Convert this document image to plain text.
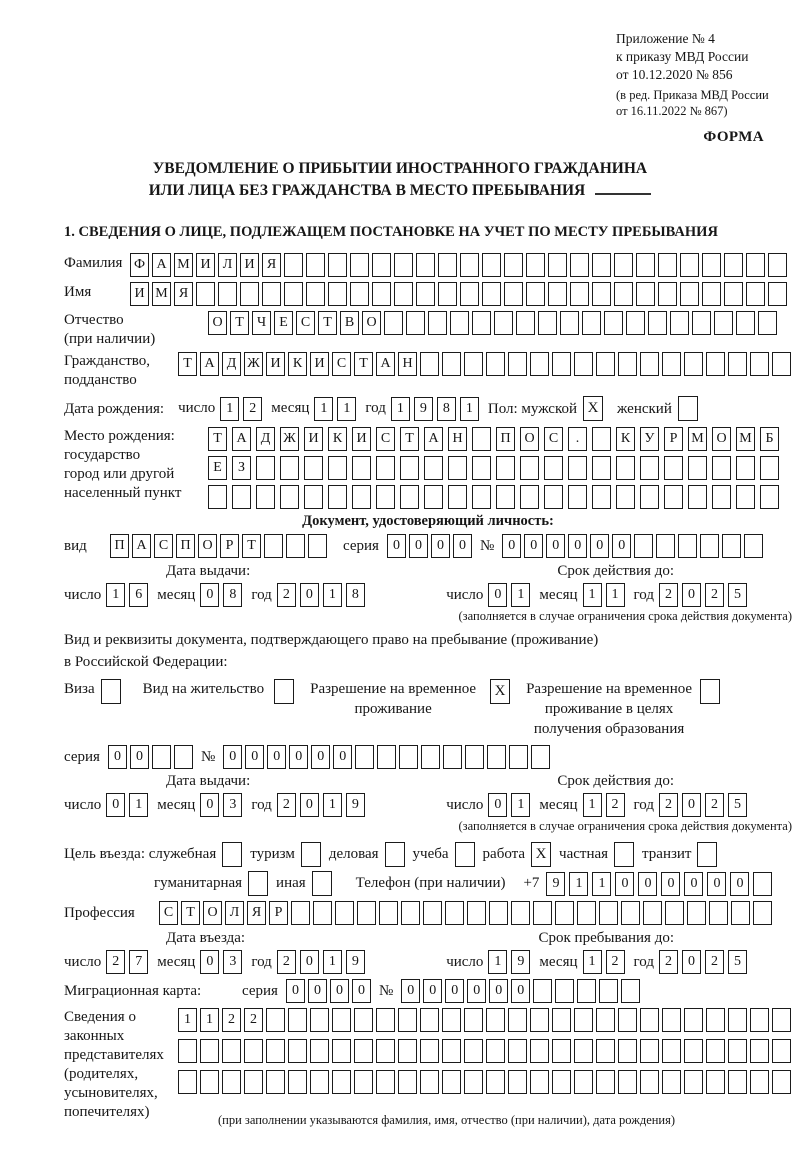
Приложение № 4
к приказу МВД России
от 10.12.2020 № 856
(в ред. Приказа МВД России
от 16.11.2022 № 867)
ФОРМА
УВЕДОМЛЕНИЕ О ПРИБЫТИИ ИНОСТРАННОГО ГРАЖДАНИНА
ИЛИ ЛИЦА БЕЗ ГРАЖДАНСТВА В МЕСТО ПРЕБЫВАНИЯ
1. СВЕДЕНИЯ О ЛИЦЕ, ПОДЛЕЖАЩЕМ ПОСТАНОВКЕ НА УЧЕТ ПО МЕСТУ ПРЕБЫВАНИЯ
Фамилия Ф А М И Л И Я
Имя	И М Я
Отчество
(при наличии)
О Т Ч Е С Т В О
Гражданство,
подданство
Т А Д Ж И К И С Т А Н
Дата рождения: число 1	2	месяц 1	1	год 1	9	8	1	Пол: мужской X	женский
Место рождения:
государство
город или другой
населенный пункт
Т	А	Д Ж И	К	И	С	Т	А Н	П О	С	.	К	У	Р М О М Б
Е	З
Документ, удостоверяющий личность:
вид	П А С П О Р Т	серия	0	0	0	0 №	0	0	0	0	0	0
Дата выдачи:	Срок действия до:
число 1	6	месяц 0	8	год 2	0	1	8	число 0	1	месяц 1	1	год 2	0	2	5
(заполняется в случае ограничения срока действия документа)
Вид и реквизиты документа, подтверждающего право на пребывание (проживание)
в Российской Федерации:
Виза	Вид на жительство	Разрешение на временное
проживание
X	Разрешение на временное
проживание в целях
получения образования
серия	0	0	№	0	0	0	0	0	0
Дата выдачи:	Срок действия до:
число 0	1	месяц 0	3	год 2	0	1	9	число 0	1	месяц 1	2	год 2	0	2	5
(заполняется в случае ограничения срока действия документа)
Цель въезда: служебная туризм деловая учеба работа X частная транзит
гуманитарная иная	Телефон (при наличии) +7 9	1	1	0	0	0	0	0	0
Профессия	С Т О Л Я Р
Дата въезда:	Срок пребывания до:
число 2	7	месяц 0	3	год 2	0	1	9	число 1	9	месяц 1	2	год 2	0	2	5
Миграционная карта:	серия	0	0	0	0 №	0	0	0	0	0	0
Сведения о
законных
представителях
(родителях,
усыновителях,
попечителях)
1	1	2	2
(при заполнении указываются фамилия, имя, отчество (при наличии), дата рождения)
